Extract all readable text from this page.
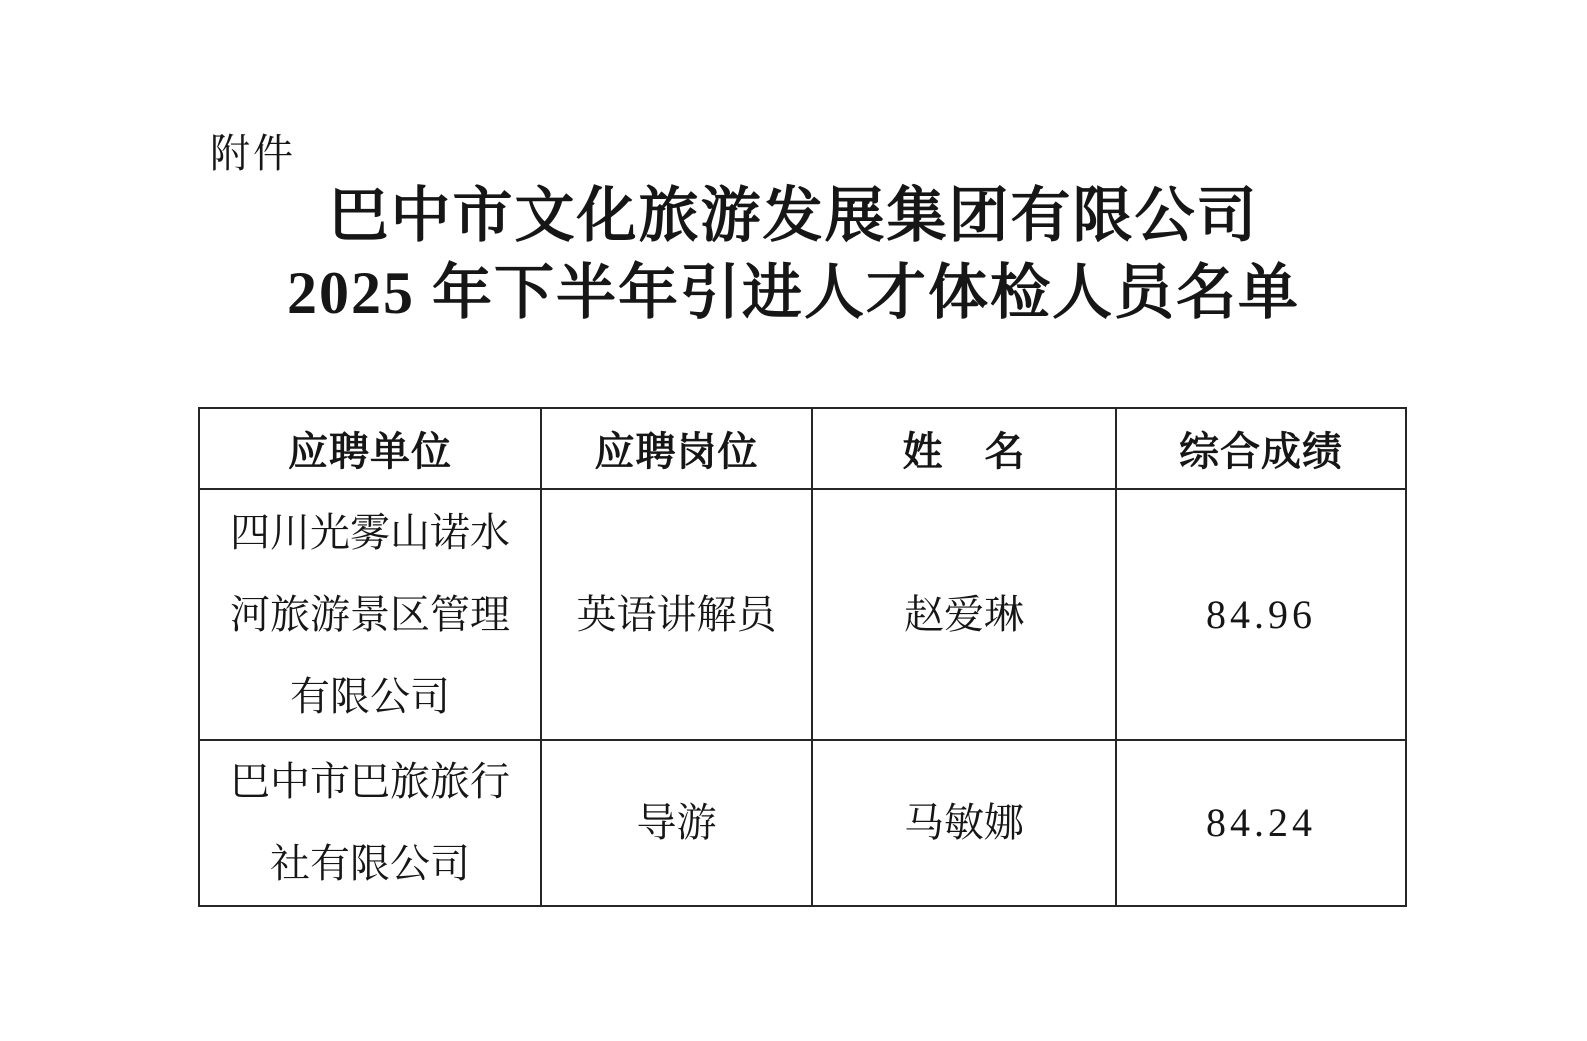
附件
巴中市文化旅游发展集团有限公司
2025 年下半年引进人才体检人员名单
应聘单位	应聘岗位	姓　名	综合成绩
四川光雾山诺水河旅游景区管理有限公司	英语讲解员	赵爱琳	84.96
巴中市巴旅旅行社有限公司	导游	马敏娜	84.24
